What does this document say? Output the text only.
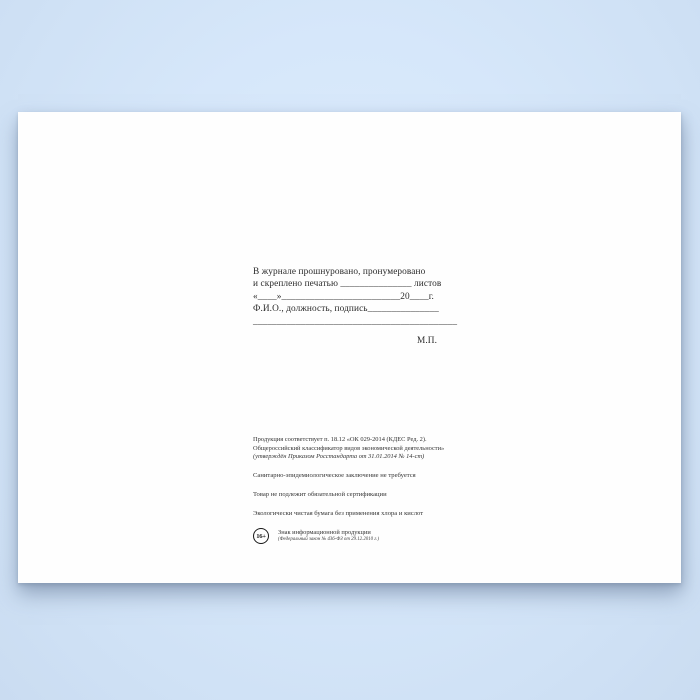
В журнале прошнуровано, пронумеровано
и скреплено печатью _______________ листов
«____»_________________________20____г.
Ф.И.О., должность, подпись_______________
___________________________________________
М.П.
Продукция соответствует п. 18.12 «ОК 029-2014 (КДЕС Ред. 2).
Общероссийский классификатор видов экономической деятельности»
(утверждён Приказом Росстандарта от 31.01.2014 № 14-ст)
Санитарно-эпидемиологическое заключение не требуется
Товар не подлежит обязательной сертификации
Экологически чистая бумага без применения хлора и кислот
16+	Знак информационной продукции
(Федеральный закон № 436-ФЗ от 29.12.2010 г.)
